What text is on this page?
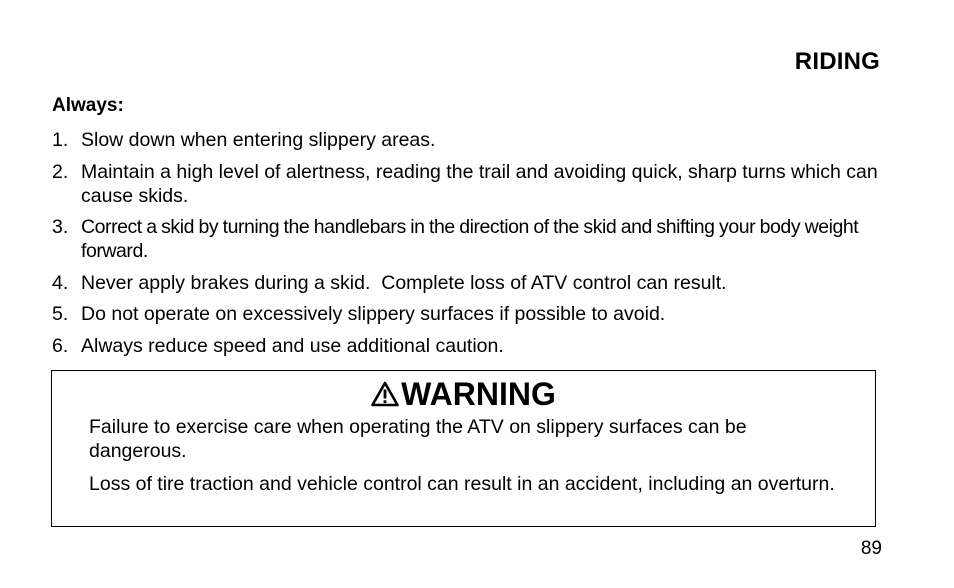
RIDING
Always:
1. Slow down when entering slippery areas.
2. Maintain a high level of alertness, reading the trail and avoiding quick, sharp turns which can cause skids.
3. Correct a skid by turning the handlebars in the direction of the skid and shifting your body weight forward.
4. Never apply brakes during a skid.  Complete loss of ATV control can result.
5. Do not operate on excessively slippery surfaces if possible to avoid.
6. Always reduce speed and use additional caution.
WARNING

Failure to exercise care when operating the ATV on slippery surfaces can be dangerous.

Loss of tire traction and vehicle control can result in an accident, including an overturn.

89
